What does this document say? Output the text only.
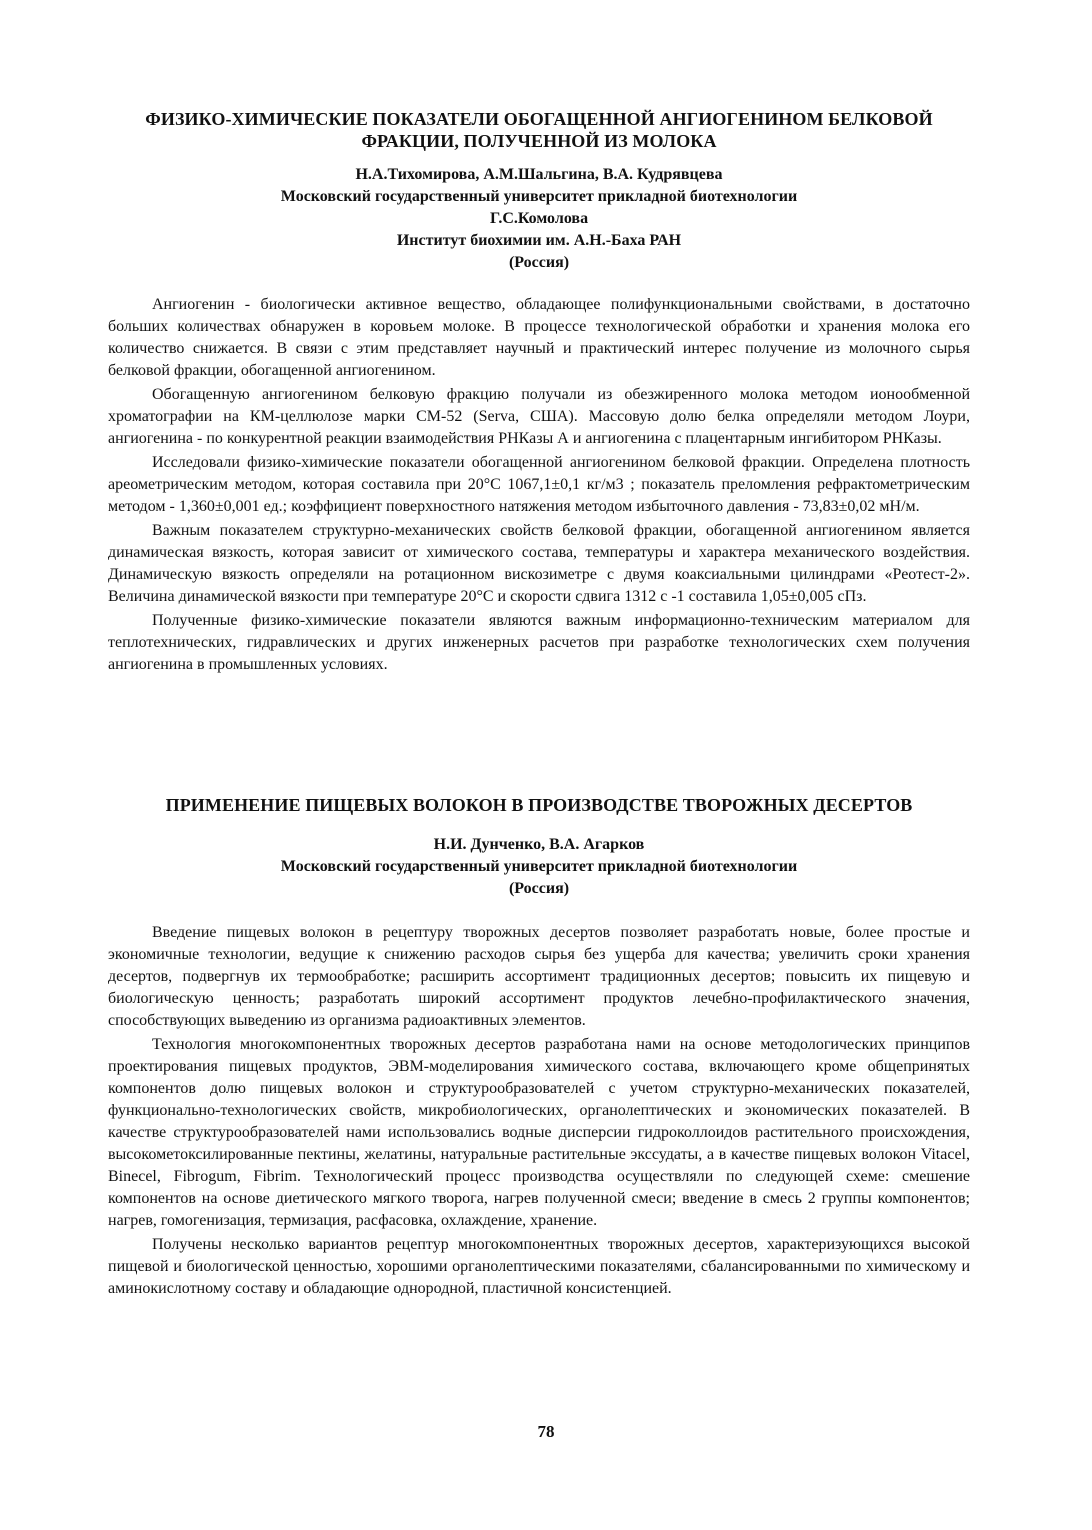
ФИЗИКО-ХИМИЧЕСКИЕ ПОКАЗАТЕЛИ ОБОГАЩЕННОЙ АНГИОГЕНИНОМ БЕЛКОВОЙ ФРАКЦИИ, ПОЛУЧЕННОЙ ИЗ МОЛОКА
Н.А.Тихомирова, А.М.Шальгина, В.А. Кудрявцева
Московский государственный университет прикладной биотехнологии
Г.С.Комолова
Институт биохимии им. А.Н.-Баха РАН
(Россия)

Ангиогенин - биологически активное вещество, обладающее полифункциональными свойствами, в достаточно больших количествах обнаружен в коровьем молоке. В процессе технологической обработки и хранения молока его количество снижается. В связи с этим представляет научный и практический интерес получение из молочного сырья белковой фракции, обогащенной ангиогенином.

Обогащенную ангиогенином белковую фракцию получали из обезжиренного молока методом ионообменной хроматографии на КМ-целлюлозе марки СМ-52 (Serva, США). Массовую долю белка определяли методом Лоури, ангиогенина - по конкурентной реакции взаимодействия РНКазы А и ангиогенина с плацентарным ингибитором РНКазы.

Исследовали физико-химические показатели обогащенной ангиогенином белковой фракции. Определена плотность ареометрическим методом, которая составила при 20°С 1067,1±0,1 кг/м3 ; показатель преломления рефрактометрическим методом - 1,360±0,001 ед.; коэффициент поверхностного натяжения методом избыточного давления - 73,83±0,02 мН/м.

Важным показателем структурно-механических свойств белковой фракции, обогащенной ангиогенином является динамическая вязкость, которая зависит от химического состава, температуры и характера механического воздействия. Динамическую вязкость определяли на ротационном вискозиметре с двумя коаксиальными цилиндрами «Реотест-2». Величина динамической вязкости при температуре 20°С и скорости сдвига 1312 с -1 составила 1,05±0,005 сПз.

Полученные физико-химические показатели являются важным информационно-техническим материалом для теплотехнических, гидравлических и других инженерных расчетов при разработке технологических схем получения ангиогенина в промышленных условиях.

ПРИМЕНЕНИЕ ПИЩЕВЫХ ВОЛОКОН В ПРОИЗВОДСТВЕ ТВОРОЖНЫХ ДЕСЕРТОВ
Н.И. Дунченко, В.А. Агарков
Московский государственный университет прикладной биотехнологии
(Россия)

Введение пищевых волокон в рецептуру творожных десертов позволяет разработать новые, более простые и экономичные технологии, ведущие к снижению расходов сырья без ущерба для качества; увеличить сроки хранения десертов, подвергнув их термообработке; расширить ассортимент традиционных десертов; повысить их пищевую и биологическую ценность; разработать широкий ассортимент продуктов лечебно-профилактического значения, способствующих выведению из организма радиоактивных элементов.

Технология многокомпонентных творожных десертов разработана нами на основе методологических принципов проектирования пищевых продуктов, ЭВМ-моделирования химического состава, включающего кроме общепринятых компонентов долю пищевых волокон и структурообразователей с учетом структурно-механических показателей, функционально-технологических свойств, микробиологических, органолептических и экономических показателей. В качестве структурообразователей нами использовались водные дисперсии гидроколлоидов растительного происхождения, высокометоксилированные пектины, желатины, натуральные растительные экссудаты, а в качестве пищевых волокон Vitacel, Binecel, Fibrogum, Fibrim. Технологический процесс производства осуществляли по следующей схеме: смешение компонентов на основе диетического мягкого творога, нагрев полученной смеси; введение в смесь 2 группы компонентов; нагрев, гомогенизация, термизация, расфасовка, охлаждение, хранение.

Получены несколько вариантов рецептур многокомпонентных творожных десертов, характеризующихся высокой пищевой и биологической ценностью, хорошими органолептическими показателями, сбалансированными по химическому и аминокислотному составу и обладающие однородной, пластичной консистенцией.

78
